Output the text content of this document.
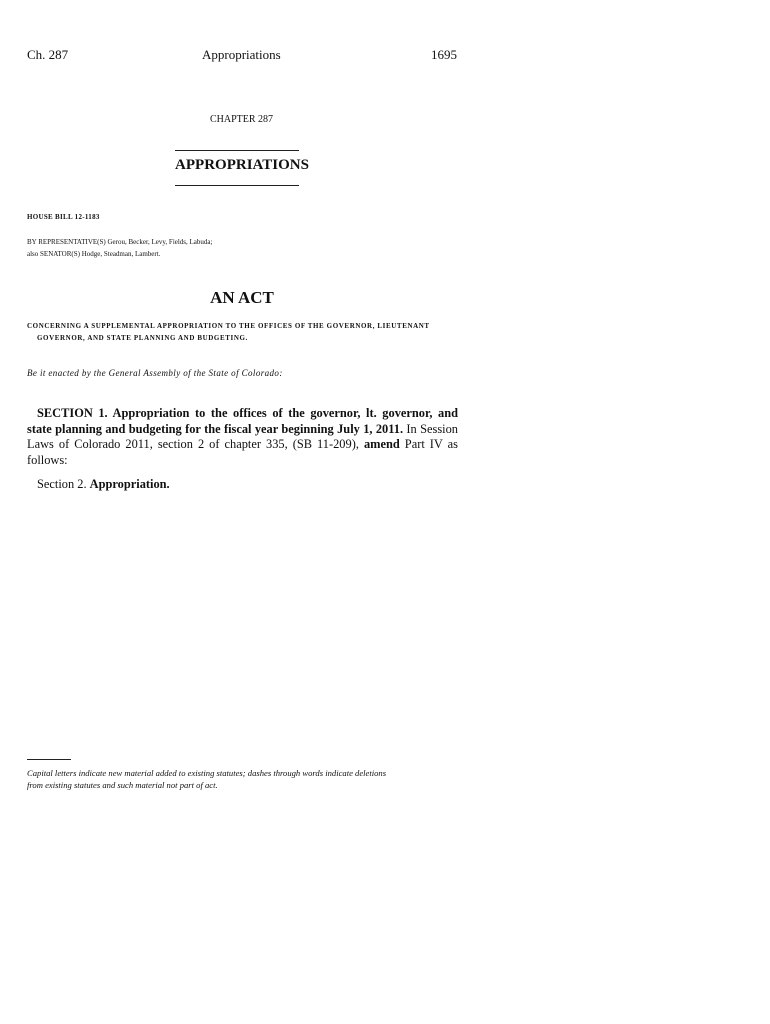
Ch. 287	Appropriations	1695
CHAPTER 287
APPROPRIATIONS
HOUSE BILL 12-1183
BY REPRESENTATIVE(S) Gerou, Becker, Levy, Fields, Labuda;
also SENATOR(S) Hodge, Steadman, Lambert.
AN ACT
CONCERNING A SUPPLEMENTAL APPROPRIATION TO THE OFFICES OF THE GOVERNOR, LIEUTENANT
GOVERNOR, AND STATE PLANNING AND BUDGETING.
Be it enacted by the General Assembly of the State of Colorado:

SECTION 1. Appropriation to the offices of the governor, lt. governor, and state planning and budgeting for the fiscal year beginning July 1, 2011. In Session Laws of Colorado 2011, section 2 of chapter 335, (SB 11-209), amend Part IV as follows:

Section 2. Appropriation.
Capital letters indicate new material added to existing statutes; dashes through words indicate deletions
from existing statutes and such material not part of act.
